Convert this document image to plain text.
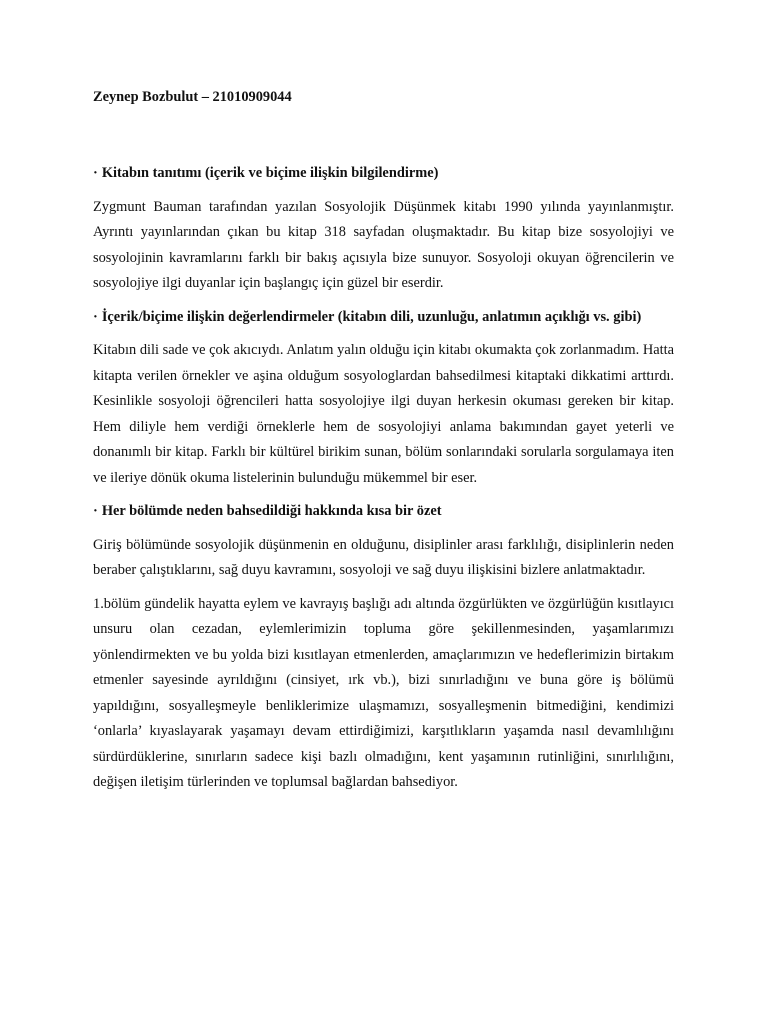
Zeynep Bozbulut – 21010909044
· Kitabın tanıtımı (içerik ve biçime ilişkin bilgilendirme)

Zygmunt Bauman tarafından yazılan Sosyolojik Düşünmek kitabı 1990 yılında yayınlanmıştır. Ayrıntı yayınlarından çıkan bu kitap 318 sayfadan oluşmaktadır. Bu kitap bize sosyolojiyi ve sosyolojinin kavramlarını farklı bir bakış açısıyla bize sunuyor. Sosyoloji okuyan öğrencilerin ve sosyolojiye ilgi duyanlar için başlangıç için güzel bir eserdir.

· İçerik/biçime ilişkin değerlendirmeler (kitabın dili, uzunluğu, anlatımın açıklığı vs. gibi)

Kitabın dili sade ve çok akıcıydı. Anlatım yalın olduğu için kitabı okumakta çok zorlanmadım. Hatta kitapta verilen örnekler ve aşina olduğum sosyologlardan bahsedilmesi kitaptaki dikkatimi arttırdı. Kesinlikle sosyoloji öğrencileri hatta sosyolojiye ilgi duyan herkesin okuması gereken bir kitap. Hem diliyle hem verdiği örneklerle hem de sosyolojiyi anlama bakımından gayet yeterli ve donanımlı bir kitap. Farklı bir kültürel birikim sunan, bölüm sonlarındaki sorularla sorgulamaya iten ve ileriye dönük okuma listelerinin bulunduğu mükemmel bir eser.

· Her bölümde neden bahsedildiği hakkında kısa bir özet

Giriş bölümünde sosyolojik düşünmenin en olduğunu, disiplinler arası farklılığı, disiplinlerin neden beraber çalıştıklarını, sağ duyu kavramını, sosyoloji ve sağ duyu ilişkisini bizlere anlatmaktadır.

1.bölüm gündelik hayatta eylem ve kavrayış başlığı adı altında özgürlükten ve özgürlüğün kısıtlayıcı unsuru olan cezadan, eylemlerimizin topluma göre şekillenmesinden, yaşamlarımızı yönlendirmekten ve bu yolda bizi kısıtlayan etmenlerden, amaçlarımızın ve hedeflerimizin birtakım etmenler sayesinde ayrıldığını (cinsiyet, ırk vb.), bizi sınırladığını ve buna göre iş bölümü yapıldığını, sosyalleşmeyle benliklerimize ulaşmamızı, sosyalleşmenin bitmediğini, kendimizi ‘onlarla’ kıyaslayarak yaşamayı devam ettirdiğimizi, karşıtlıkların yaşamda nasıl devamlılığını sürdürdüklerine, sınırların sadece kişi bazlı olmadığını, kent yaşamının rutinliğini, sınırlılığını, değişen iletişim türlerinden ve toplumsal bağlardan bahsediyor.
